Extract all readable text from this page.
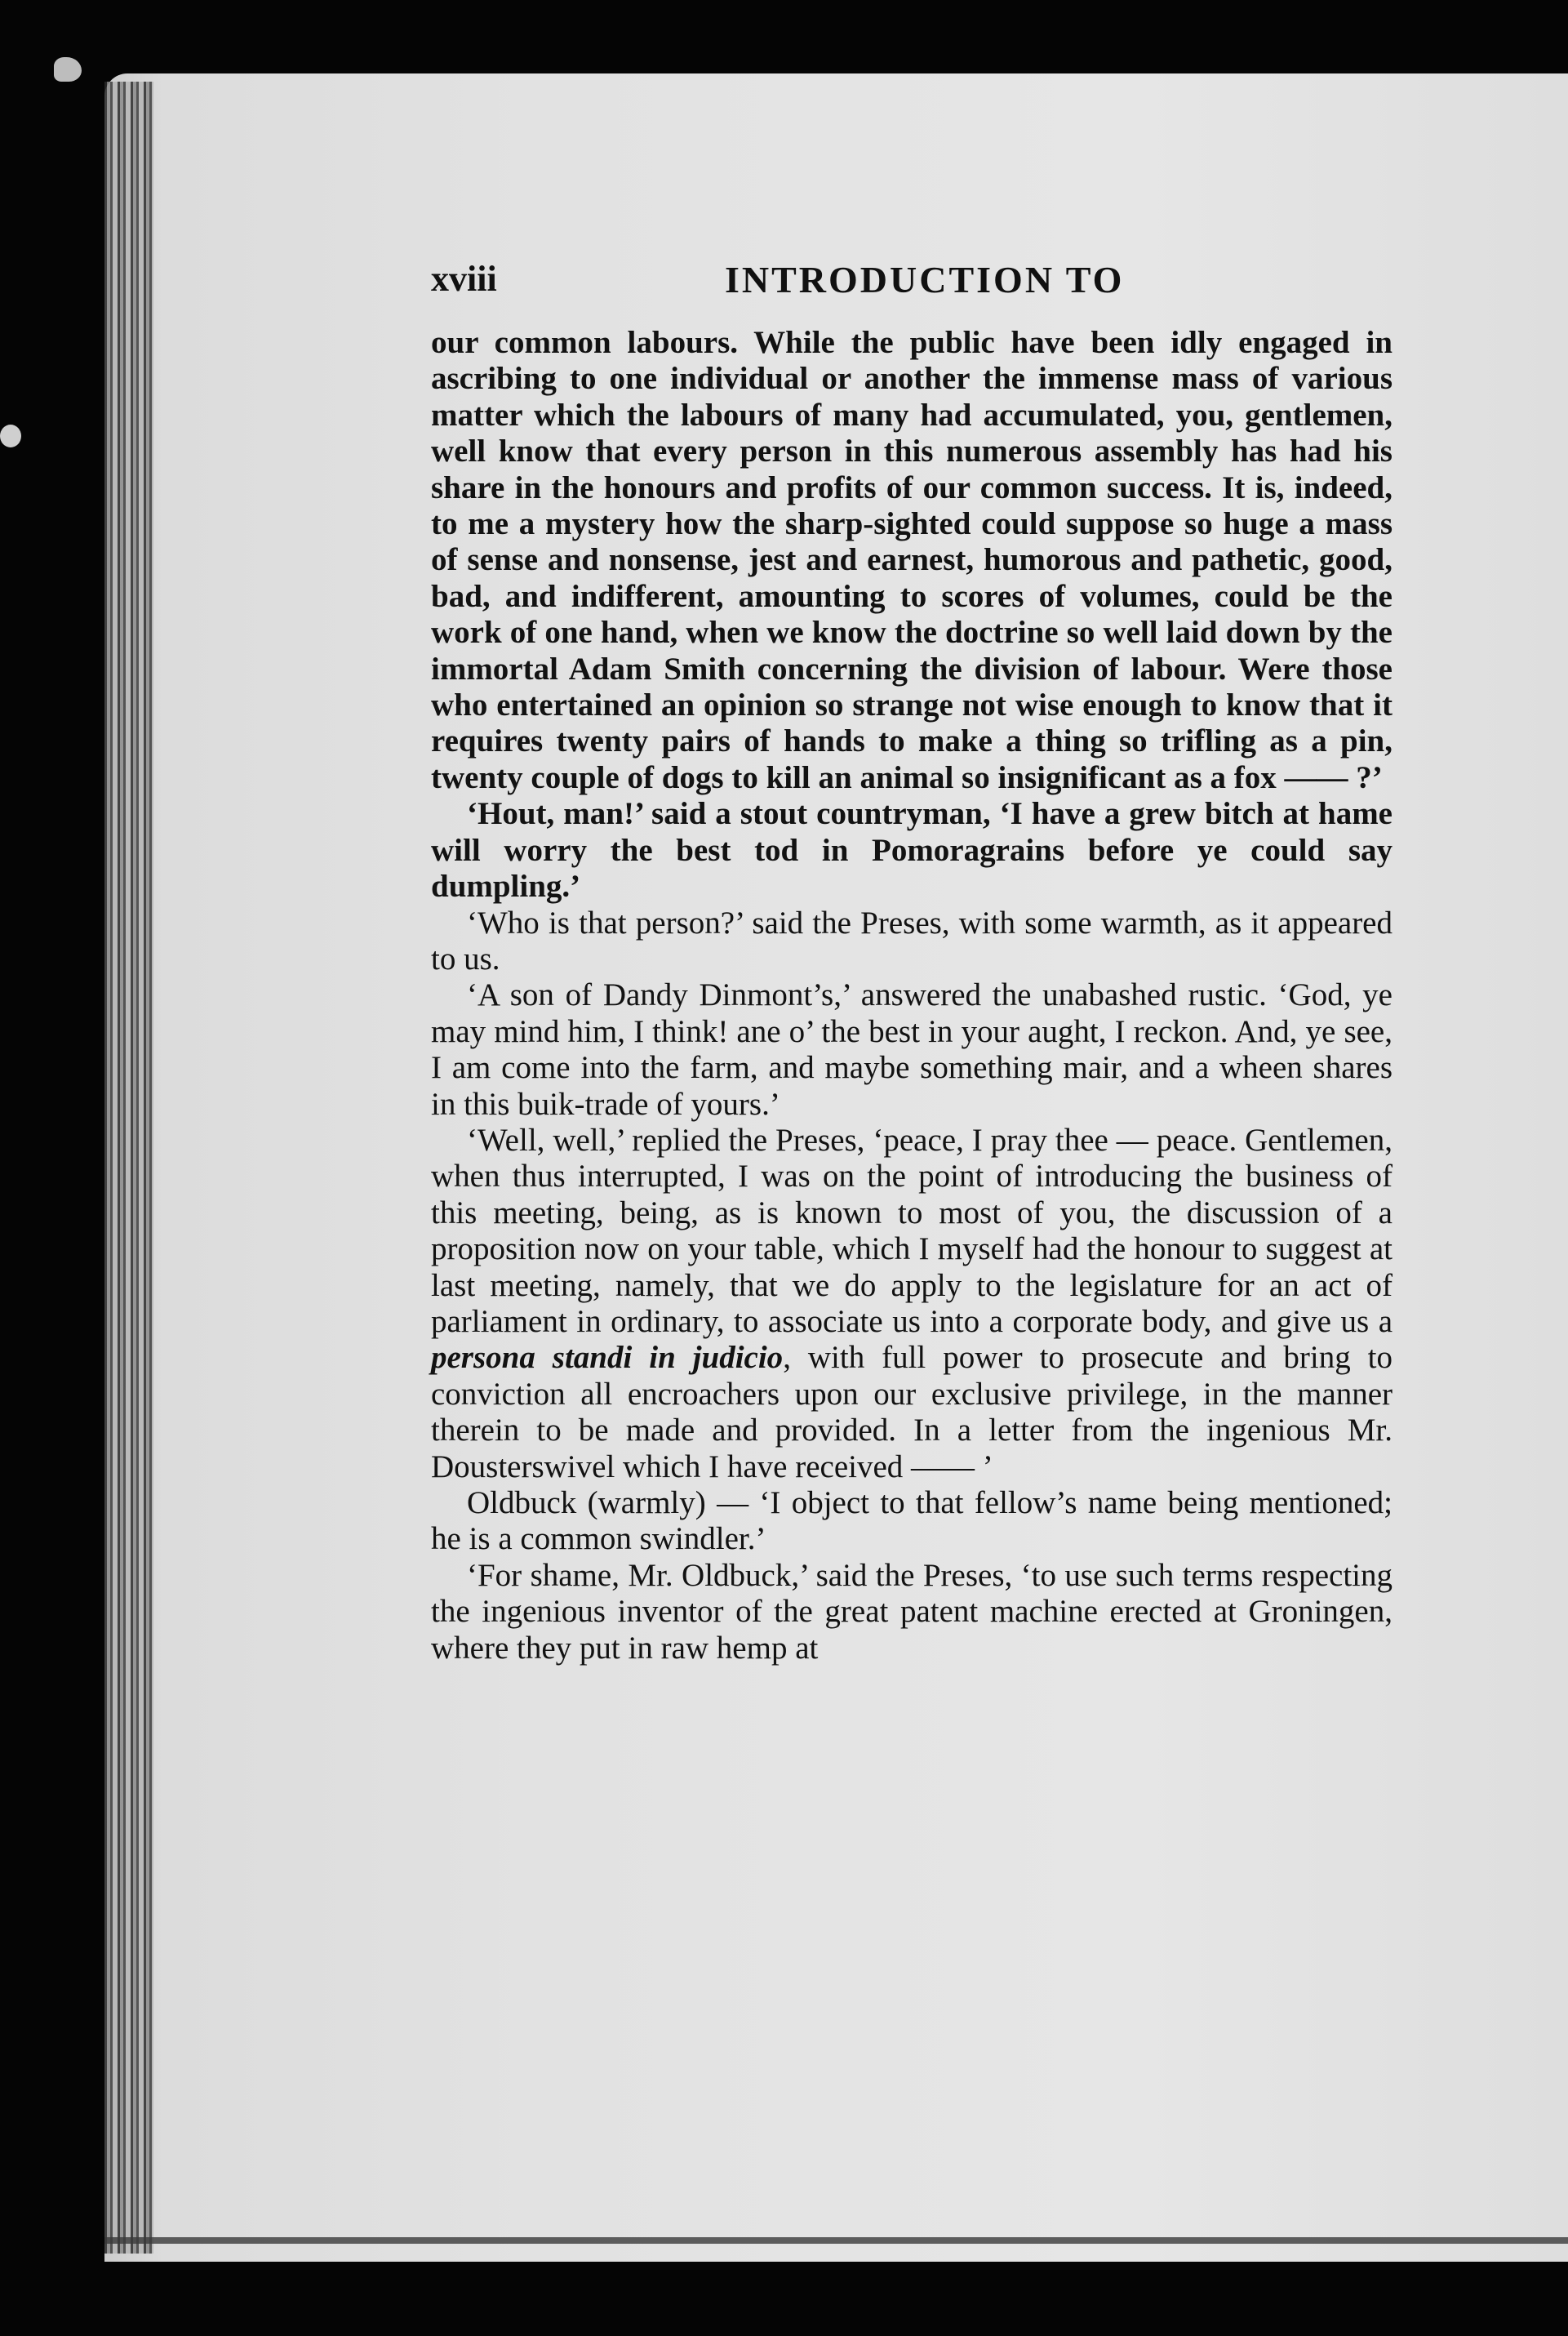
xviii	INTRODUCTION TO

our common labours. While the public have been idly engaged in ascribing to one individual or another the immense mass of various matter which the labours of many had accumulated, you, gentlemen, well know that every person in this numerous assembly has had his share in the honours and profits of our common success. It is, indeed, to me a mystery how the sharp-sighted could suppose so huge a mass of sense and nonsense, jest and earnest, humorous and pathetic, good, bad, and indifferent, amounting to scores of volumes, could be the work of one hand, when we know the doctrine so well laid down by the immortal Adam Smith concerning the division of labour. Were those who entertained an opinion so strange not wise enough to know that it requires twenty pairs of hands to make a thing so trifling as a pin, twenty couple of dogs to kill an animal so insignificant as a fox —— ?’

‘Hout, man!’ said a stout countryman, ‘I have a grew bitch at hame will worry the best tod in Pomoragrains before ye could say dumpling.’

‘Who is that person?’ said the Preses, with some warmth, as it appeared to us.

‘A son of Dandy Dinmont’s,’ answered the unabashed rustic. ‘God, ye may mind him, I think! ane o’ the best in your aught, I reckon. And, ye see, I am come into the farm, and maybe something mair, and a wheen shares in this buik-trade of yours.’

‘Well, well,’ replied the Preses, ‘peace, I pray thee — peace. Gentlemen, when thus interrupted, I was on the point of introducing the business of this meeting, being, as is known to most of you, the discussion of a proposition now on your table, which I myself had the honour to suggest at last meeting, namely, that we do apply to the legislature for an act of parliament in ordinary, to associate us into a corporate body, and give us a persona standi in judicio, with full power to prosecute and bring to conviction all encroachers upon our exclusive privilege, in the manner therein to be made and provided. In a letter from the ingenious Mr. Dousterswivel which I have received —— ’

Oldbuck (warmly) — ‘I object to that fellow’s name being mentioned; he is a common swindler.’

‘For shame, Mr. Oldbuck,’ said the Preses, ‘to use such terms respecting the ingenious inventor of the great patent machine erected at Groningen, where they put in raw hemp at
